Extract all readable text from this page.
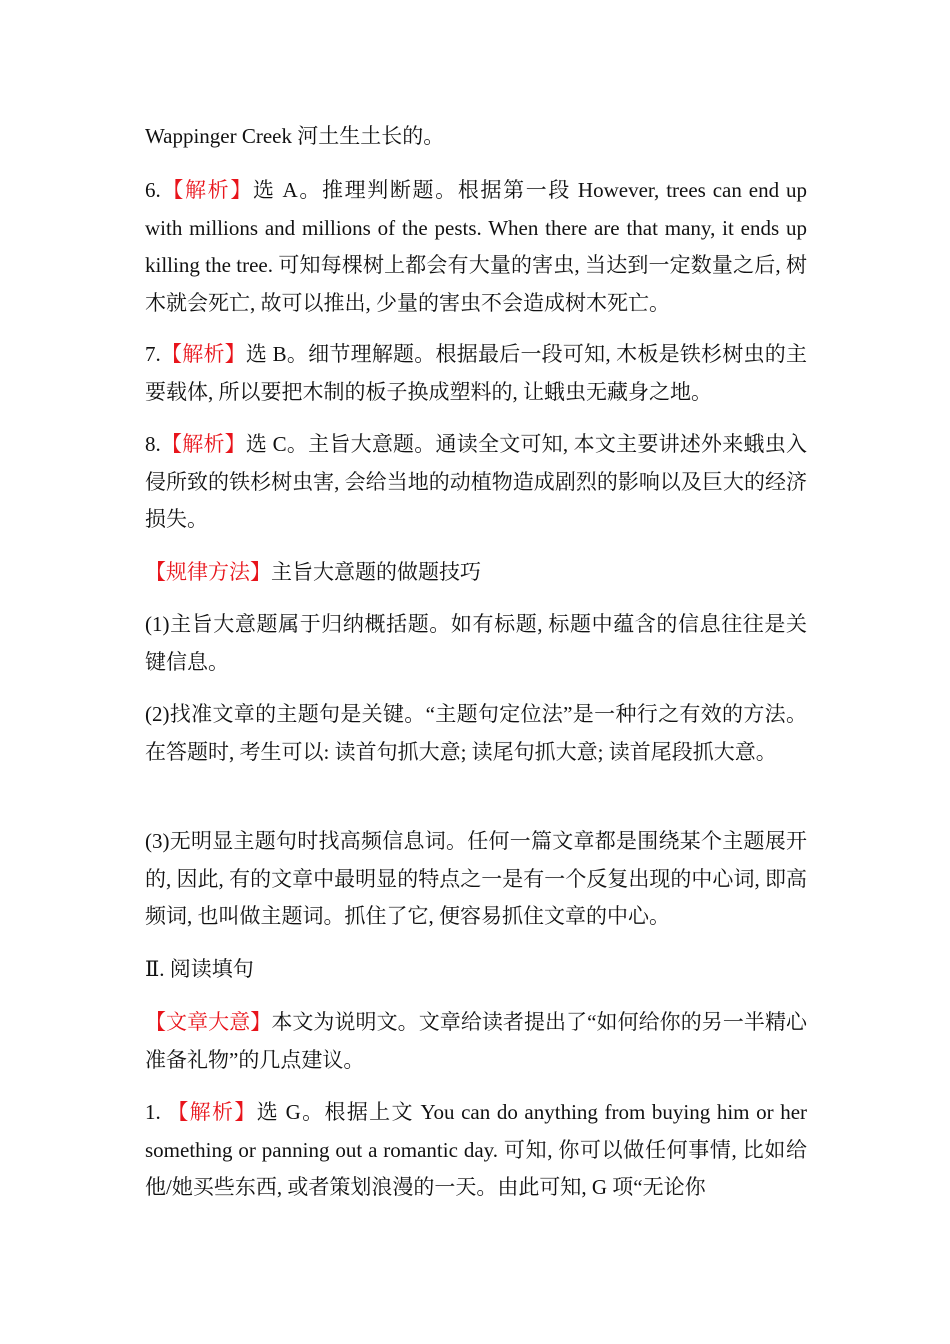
Wappinger Creek 河土生土长的。

6.【解析】选 A。推理判断题。根据第一段 However, trees can end up with millions and millions of the pests. When there are that many, it ends up killing the tree. 可知每棵树上都会有大量的害虫, 当达到一定数量之后, 树木就会死亡, 故可以推出, 少量的害虫不会造成树木死亡。

7.【解析】选 B。细节理解题。根据最后一段可知, 木板是铁杉树虫的主要载体, 所以要把木制的板子换成塑料的, 让蛾虫无藏身之地。

8.【解析】选 C。主旨大意题。通读全文可知, 本文主要讲述外来蛾虫入侵所致的铁杉树虫害, 会给当地的动植物造成剧烈的影响以及巨大的经济损失。

【规律方法】主旨大意题的做题技巧

(1)主旨大意题属于归纳概括题。如有标题, 标题中蕴含的信息往往是关键信息。

(2)找准文章的主题句是关键。“主题句定位法”是一种行之有效的方法。在答题时, 考生可以: 读首句抓大意; 读尾句抓大意; 读首尾段抓大意。

(3)无明显主题句时找高频信息词。任何一篇文章都是围绕某个主题展开的, 因此, 有的文章中最明显的特点之一是有一个反复出现的中心词, 即高频词, 也叫做主题词。抓住了它, 便容易抓住文章的中心。

Ⅱ. 阅读填句

【文章大意】本文为说明文。文章给读者提出了“如何给你的另一半精心准备礼物”的几点建议。

1. 【解析】选 G。根据上文 You can do anything from buying him or her something or panning out a romantic day. 可知, 你可以做任何事情, 比如给他/她买些东西, 或者策划浪漫的一天。由此可知, G 项“无论你
